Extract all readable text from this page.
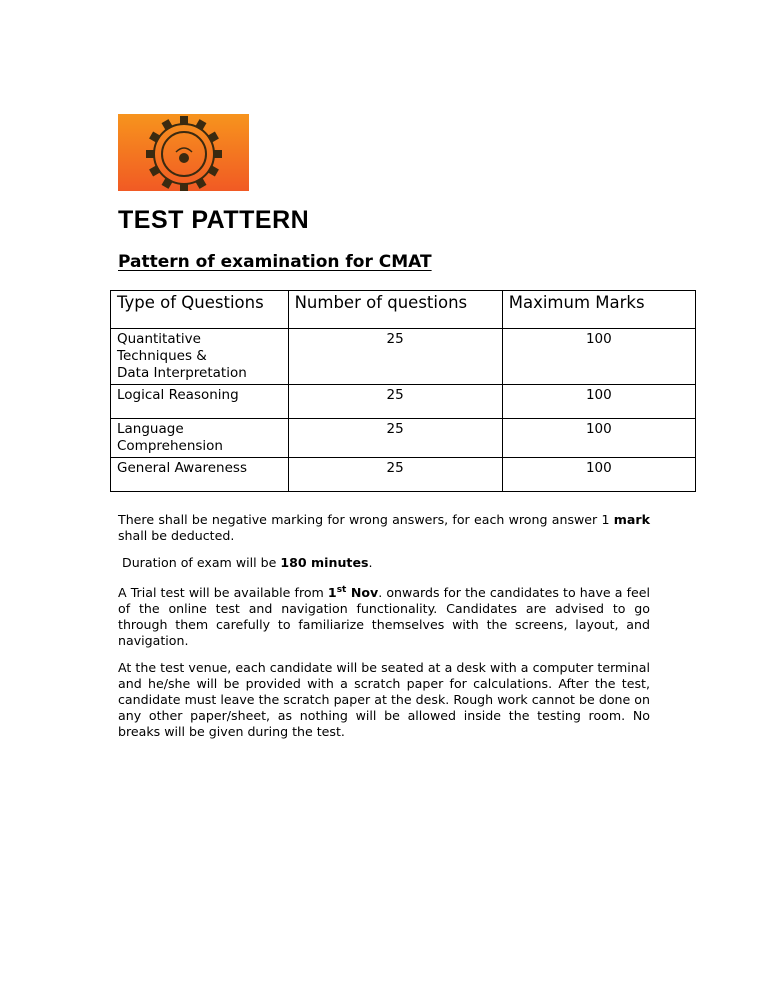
TEST PATTERN
Pattern of examination for CMAT
Type of Questions	Number of questions	Maximum Marks

Quantitative
Techniques &
Data Interpretation	25	100

Logical Reasoning	25	100

Language
Comprehension	25	100

General Awareness	25	100

There shall be negative marking for wrong answers, for each wrong answer 1 mark shall be deducted.

Duration of exam will be 180 minutes.

A Trial test will be available from 1st Nov. onwards for the candidates to have a feel of the online test and navigation functionality. Candidates are advised to go through them carefully to familiarize themselves with the screens, layout, and navigation.

At the test venue, each candidate will be seated at a desk with a computer terminal and he/she will be provided with a scratch paper for calculations. After the test, candidate must leave the scratch paper at the desk. Rough work cannot be done on any other paper/sheet, as nothing will be allowed inside the testing room. No breaks will be given during the test.
